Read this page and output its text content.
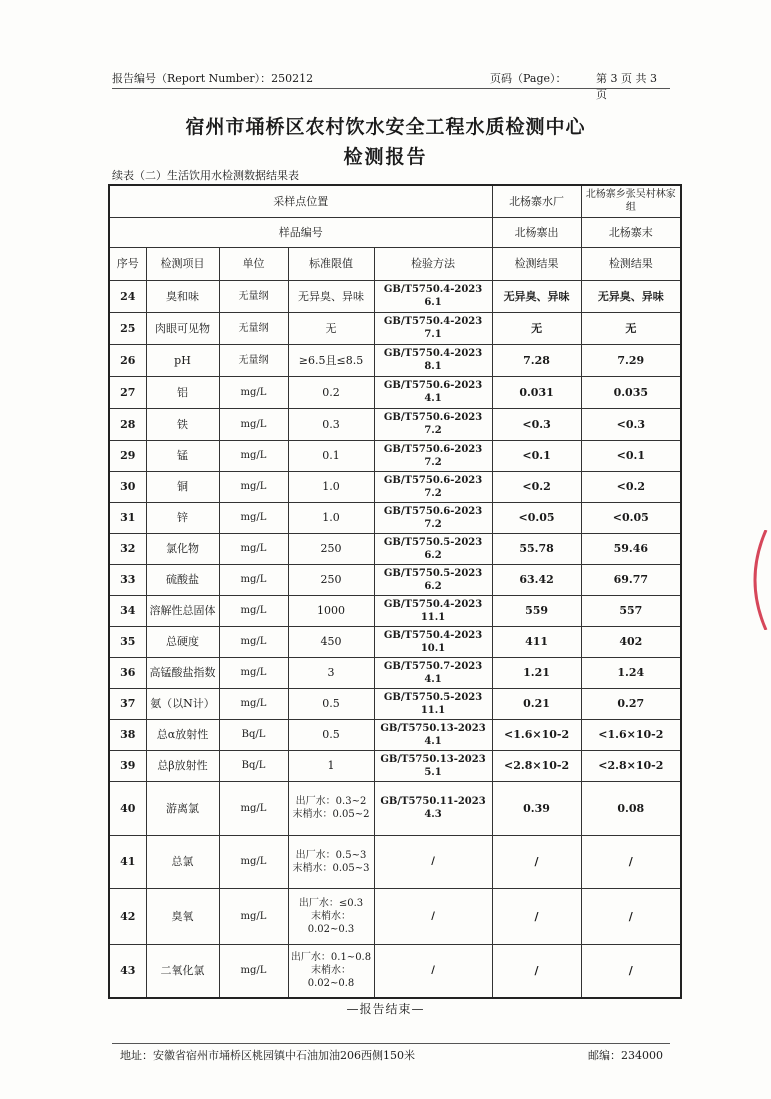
报告编号（Report Number）：250212	页码（Page）：	第 3 页 共 3 页
宿州市埇桥区农村饮水安全工程水质检测中心
检测报告
续表（二）生活饮用水检测数据结果表
采样点位置					北杨寨水厂	北杨寨乡张吴村林家组
样品编号					北杨寨出	北杨寨末
序号	检测项目	单位	标准限值	检验方法	检测结果	检测结果
24	臭和味	无量纲	无异臭、异味	GB/T5750.4-2023 6.1	无异臭、异味	无异臭、异味
25	肉眼可见物	无量纲	无	GB/T5750.4-2023 7.1	无	无
26	pH	无量纲	≥6.5且≤8.5	GB/T5750.4-2023 8.1	7.28	7.29
27	铝	mg/L	0.2	GB/T5750.6-2023 4.1	0.031	0.035
28	铁	mg/L	0.3	GB/T5750.6-2023 7.2	<0.3	<0.3
29	锰	mg/L	0.1	GB/T5750.6-2023 7.2	<0.1	<0.1
30	铜	mg/L	1.0	GB/T5750.6-2023 7.2	<0.2	<0.2
31	锌	mg/L	1.0	GB/T5750.6-2023 7.2	<0.05	<0.05
32	氯化物	mg/L	250	GB/T5750.5-2023 6.2	55.78	59.46
33	硫酸盐	mg/L	250	GB/T5750.5-2023 6.2	63.42	69.77
34	溶解性总固体	mg/L	1000	GB/T5750.4-2023 11.1	559	557
35	总硬度	mg/L	450	GB/T5750.4-2023 10.1	411	402
36	高锰酸盐指数	mg/L	3	GB/T5750.7-2023 4.1	1.21	1.24
37	氨（以N计）	mg/L	0.5	GB/T5750.5-2023 11.1	0.21	0.27
38	总α放射性	Bq/L	0.5	GB/T5750.13-2023 4.1	<1.6×10-2	<1.6×10-2
39	总β放射性	Bq/L	1	GB/T5750.13-2023 5.1	<2.8×10-2	<2.8×10-2
40	游离氯	mg/L	出厂水：0.3~2
末梢水：0.05~2	GB/T5750.11-2023 4.3	0.39	0.08
41	总氯	mg/L	出厂水：0.5~3
末梢水：0.05~3	/	/	/
42	臭氧	mg/L	出厂水：≤0.3
末梢水：
0.02~0.3	/	/	/
43	二氧化氯	mg/L	出厂水：0.1~0.8
末梢水：
0.02~0.8	/	/	/
—报告结束—
地址：安徽省宿州市埇桥区桃园镇中石油加油206西侧150米	邮编：234000
